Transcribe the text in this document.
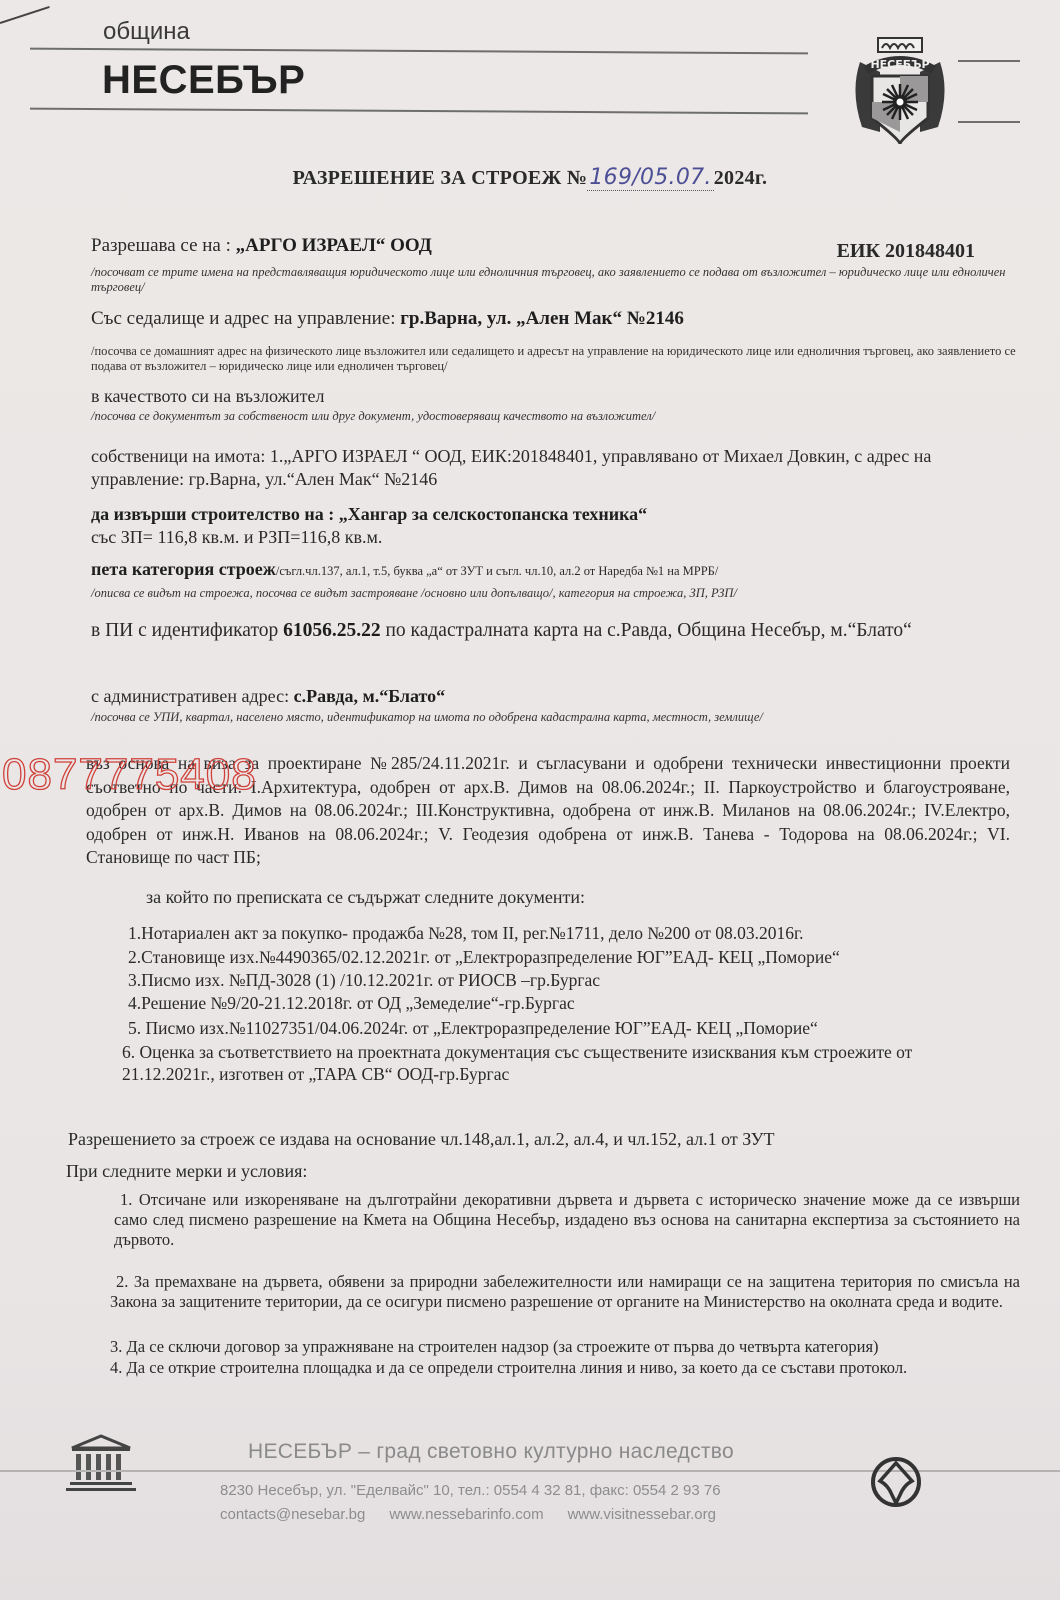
община
НЕСЕБЪР	НЕСЕБЪР
РАЗРЕШЕНИЕ ЗА СТРОЕЖ №169/05.07. 2024г.
Разрешава се на : „АРГО ИЗРАЕЛ“ ООД	ЕИК 201848401
/посочват се трите имена на представляващия юридическото лице или едноличния търговец, ако заявлението се подава от възложител – юридическо лице или едноличен търговец/
Със седалище и адрес на управление: гр.Варна, ул. „Ален Мак“ №2146
/посочва се домашният адрес на физическото лице възложител или седалището и адресът на управление на юридическото лице или едноличния търговец, ако заявлението се подава от възложител – юридическо лице или едноличен търговец/
в качеството си на възложител
/посочва се документът за собственост или друг документ, удостоверяващ качеството на възложител/
собственици на имота: 1.„АРГО ИЗРАЕЛ “ ООД, ЕИК:201848401, управлявано от Михаел Довкин, с адрес на управление: гр.Варна, ул.“Ален Мак“ №2146
да извърши строителство на : „Хангар за селскостопанска техника“
със ЗП= 116,8 кв.м. и РЗП=116,8 кв.м.
пета категория строеж/съгл.чл.137, ал.1, т.5, буква „а“ от ЗУТ и съгл. чл.10, ал.2 от Наредба №1 на МРРБ/
/описва се видът на строежа, посочва се видът застрояване /основно или допълващо/, категория на строежа, ЗП, РЗП/
в ПИ с идентификатор 61056.25.22 по кадастралната карта на с.Равда, Община Несебър, м.“Блато“
с административен адрес: с.Равда, м.“Блато“
/посочва се УПИ, квартал, населено място, идентификатор на имота по одобрена кадастрална карта, местност, землище/
въз основа на виза за проектиране №285/24.11.2021г. и съгласувани и одобрени технически инвестиционни проекти съответно по части: I.Архитектура, одобрен от арх.В. Димов на 08.06.2024г.; II. Паркоустройство и благоустрояване, одобрен от арх.В. Димов на 08.06.2024г.; III.Конструктивна, одобрена от инж.В. Миланов на 08.06.2024г.; IV.Електро, одобрен от инж.Н. Иванов на 08.06.2024г.; V. Геодезия одобрена от инж.В. Танева - Тодорова на 08.06.2024г.; VI. Становище по част ПБ;
0877775408
за който по преписката се съдържат следните документи:
1.Нотариален акт за покупко- продажба №28, том II, рег.№1711, дело №200 от 08.03.2016г.
2.Становище изх.№4490365/02.12.2021г. от „Електроразпределение ЮГ”ЕАД- КЕЦ „Поморие“
3.Писмо изх. №ПД-3028 (1) /10.12.2021г. от РИОСВ –гр.Бургас
4.Решение №9/20-21.12.2018г. от ОД „Земеделие“-гр.Бургас
5. Писмо изх.№11027351/04.06.2024г. от „Електроразпределение ЮГ”ЕАД- КЕЦ „Поморие“
6. Оценка за съответствието на проектната документация със съществените изисквания към строежите от 21.12.2021г., изготвен от „ТАРА СВ“ ООД-гр.Бургас
Разрешението за строеж се издава на основание чл.148,ал.1, ал.2, ал.4, и чл.152, ал.1 от ЗУТ
При следните мерки и условия:
1. Отсичане или изкореняване на дълготрайни декоративни дървета и дървета с историческо значение може да се извърши само след писмено разрешение на Кмета на Община Несебър, издадено въз основа на санитарна експертиза за състоянието на дървото.
2. За премахване на дървета, обявени за природни забележителности или намиращи се на защитена територия по смисъла на Закона за защитените територии, да се осигури писмено разрешение от органите на Министерство на околната среда и водите.
3. Да се сключи договор за упражняване на строителен надзор (за строежите от първа до четвърта категория)
4. Да се открие строителна площадка и да се определи строителна линия и ниво, за което да се състави протокол.
НЕСЕБЪР – град световно културно наследство
8230 Несебър, ул. "Еделвайс" 10, тел.: 0554 4 32 81, факс: 0554 2 93 76
contacts@nesebar.bg www.nessebarinfo.com www.visitnessebar.org
